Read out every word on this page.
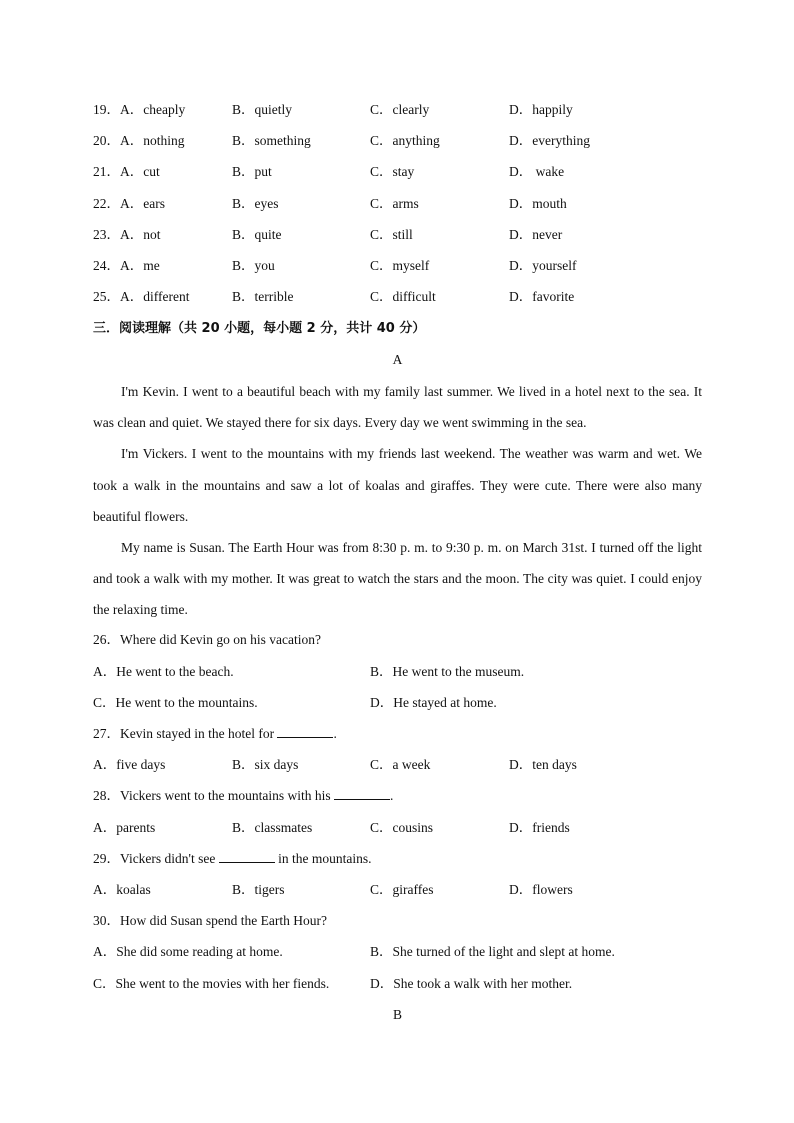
19．A．cheaply	B．quietly	C．clearly	D．happily
20．A．nothing	B．something	C．anything	D．everything
21．A．cut	B．put	C．stay	D． wake
22．A．ears	B．eyes	C．arms	D．mouth
23．A．not	B．quite	C．still	D．never
24．A．me	B．you	C．myself	D．yourself
25．A．different	B．terrible	C．difficult	D．favorite
三．阅读理解（共 20 小题，每小题 2 分，共计 40 分）
A

I'm Kevin. I went to a beautiful beach with my family last summer. We lived in a hotel next to the sea. It was clean and quiet. We stayed there for six days. Every day we went swimming in the sea.

I'm Vickers. I went to the mountains with my friends last weekend. The weather was warm and wet. We took a walk in the mountains and saw a lot of koalas and giraffes. They were cute. There were also many beautiful flowers.

My name is Susan. The Earth Hour was from 8:30 p. m. to 9:30 p. m. on March 31st. I turned off the light and took a walk with my mother. It was great to watch the stars and the moon. The city was quiet. I could enjoy the relaxing time.

26．Where did Kevin go on his vacation?
A．He went to the beach.	B．He went to the museum.
C．He went to the mountains.	D．He stayed at home.
27．Kevin stayed in the hotel for	.
A．five days	B．six days	C．a week	D．ten days
28．Vickers went to the mountains with his	.
A．parents	B．classmates	C．cousins	D．friends
29．Vickers didn't see	in the mountains.
A．koalas	B．tigers	C．giraffes	D．flowers
30．How did Susan spend the Earth Hour?
A．She did some reading at home.	B．She turned of the light and slept at home.
C．She went to the movies with her fiends.	D．She took a walk with her mother.
B
